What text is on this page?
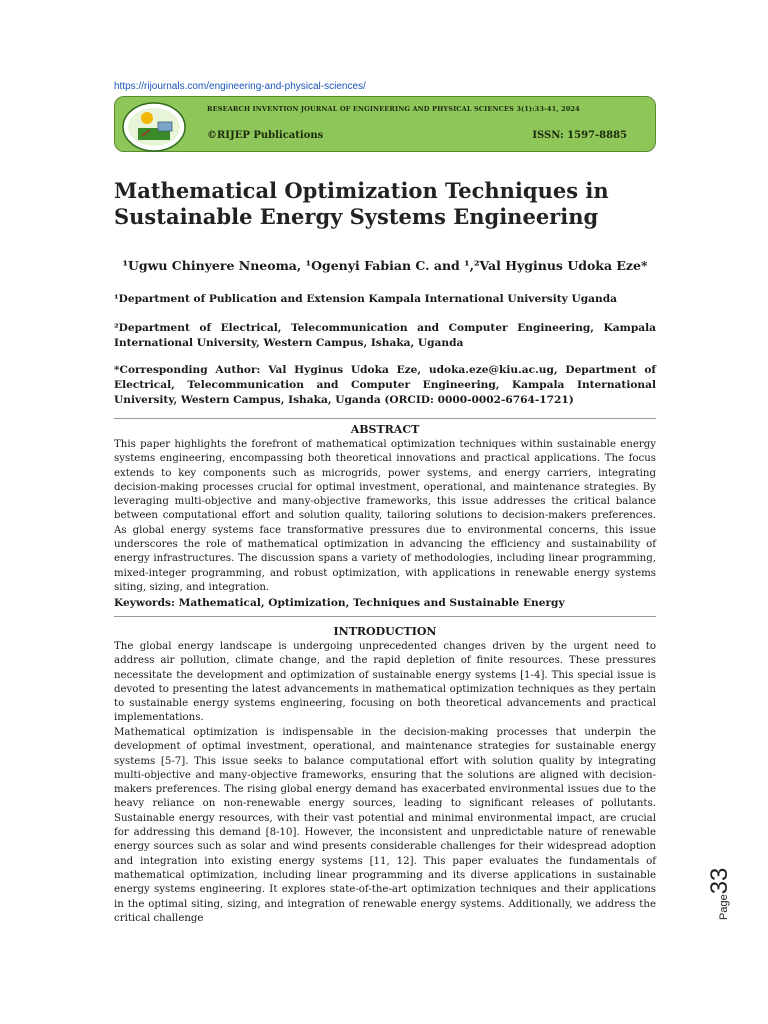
https://rijournals.com/engineering-and-physical-sciences/
RESEARCH INVENTION JOURNAL OF ENGINEERING AND PHYSICAL SCIENCES 3(1):33-41, 2024
©RIJEP Publications	ISSN: 1597-8885
Mathematical Optimization Techniques in Sustainable Energy Systems Engineering
¹Ugwu Chinyere Nneoma, ¹Ogenyi Fabian C. and ¹,²Val Hyginus Udoka Eze*
¹Department of Publication and Extension Kampala International University Uganda
²Department of Electrical, Telecommunication and Computer Engineering, Kampala International University, Western Campus, Ishaka, Uganda
*Corresponding Author: Val Hyginus Udoka Eze, udoka.eze@kiu.ac.ug, Department of Electrical, Telecommunication and Computer Engineering, Kampala International University, Western Campus, Ishaka, Uganda (ORCID: 0000-0002-6764-1721)
ABSTRACT
This paper highlights the forefront of mathematical optimization techniques within sustainable energy systems engineering, encompassing both theoretical innovations and practical applications. The focus extends to key components such as microgrids, power systems, and energy carriers, integrating decision-making processes crucial for optimal investment, operational, and maintenance strategies. By leveraging multi-objective and many-objective frameworks, this issue addresses the critical balance between computational effort and solution quality, tailoring solutions to decision-makers preferences. As global energy systems face transformative pressures due to environmental concerns, this issue underscores the role of mathematical optimization in advancing the efficiency and sustainability of energy infrastructures. The discussion spans a variety of methodologies, including linear programming, mixed-integer programming, and robust optimization, with applications in renewable energy systems siting, sizing, and integration.
Keywords: Mathematical, Optimization, Techniques and Sustainable Energy
INTRODUCTION
The global energy landscape is undergoing unprecedented changes driven by the urgent need to address air pollution, climate change, and the rapid depletion of finite resources. These pressures necessitate the development and optimization of sustainable energy systems [1-4]. This special issue is devoted to presenting the latest advancements in mathematical optimization techniques as they pertain to sustainable energy systems engineering, focusing on both theoretical advancements and practical implementations.
Mathematical optimization is indispensable in the decision-making processes that underpin the development of optimal investment, operational, and maintenance strategies for sustainable energy systems [5-7]. This issue seeks to balance computational effort with solution quality by integrating multi-objective and many-objective frameworks, ensuring that the solutions are aligned with decision-makers preferences. The rising global energy demand has exacerbated environmental issues due to the heavy reliance on non-renewable energy sources, leading to significant releases of pollutants. Sustainable energy resources, with their vast potential and minimal environmental impact, are crucial for addressing this demand [8-10]. However, the inconsistent and unpredictable nature of renewable energy sources such as solar and wind presents considerable challenges for their widespread adoption and integration into existing energy systems [11, 12]. This paper evaluates the fundamentals of mathematical optimization, including linear programming and its diverse applications in sustainable energy systems engineering. It explores state-of-the-art optimization techniques and their applications in the optimal siting, sizing, and integration of renewable energy systems. Additionally, we address the critical challenge	Page33
